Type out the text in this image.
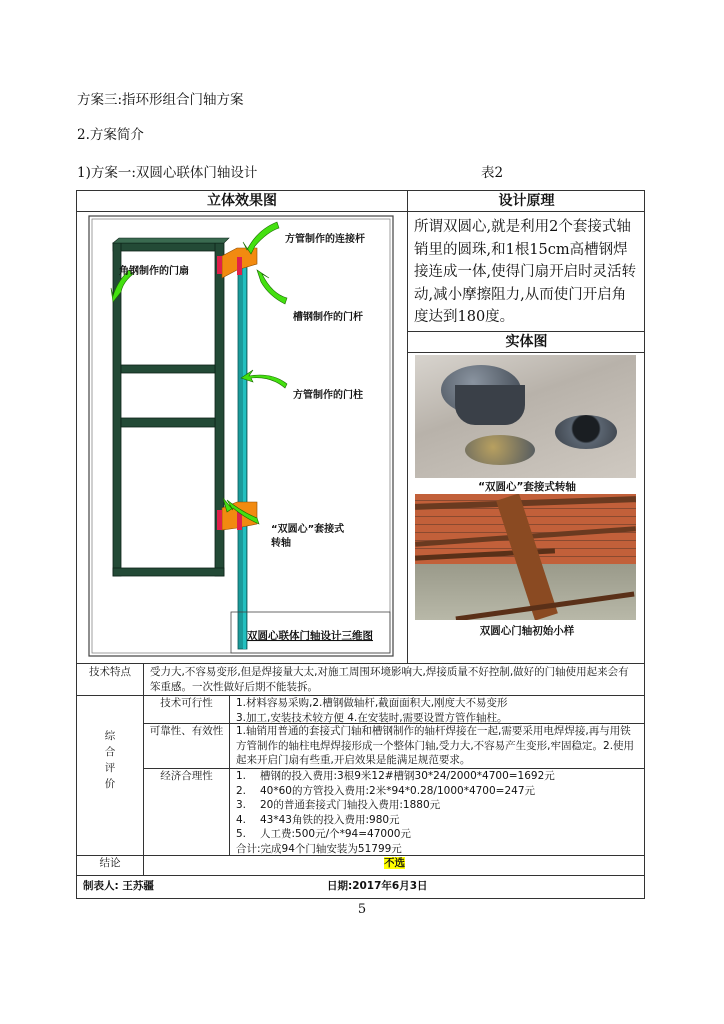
方案三:指环形组合门轴方案
2.方案简介
1)方案一:双圆心联体门轴设计	表2
立体效果图	设计原理
方管制作的连接杆
角钢制作的门扇
槽钢制作的门杆
方管制作的门柱
“双圆心”套接式
转轴
双圆心联体门轴设计三维图
所谓双圆心,就是利用2个套接式轴销里的圆珠,和1根15cm高槽钢焊接连成一体,使得门扇开启时灵活转动,减小摩擦阻力,从而使门开启角度达到180度。
实体图
“双圆心”套接式转轴
双圆心门轴初始小样
技术特点	受力大,不容易变形,但是焊接量大太,对施工周围环境影响大,焊接质量不好控制,做好的门轴使用起来会有笨重感。一次性做好后期不能装拆。
综
合
评
价
技术可行性	1.材料容易采购,2.槽钢做轴杆,截面面积大,刚度大不易变形
3.加工,安装技术较方便 4.在安装时,需要设置方管作轴柱。
可靠性、有效性	1.轴销用普通的套接式门轴和槽钢制作的轴杆焊接在一起,需要采用电焊焊接,再与用铁方管制作的轴柱电焊焊接形成一个整体门轴,受力大,不容易产生变形,牢固稳定。2.使用起来开启门扇有些重,开启效果是能满足规范要求。
经济合理性	1.	槽钢的投入费用:3根9米12#槽钢30*24/2000*4700=1692元
2.	40*60的方管投入费用:2米*94*0.28/1000*4700=247元
3.	20的普通套接式门轴投入费用:1880元
4.	43*43角铁的投入费用:980元
5.	人工费:500元/个*94=47000元
合计:完成94个门轴安装为51799元
结论	不选
制表人: 王苏疆	日期:2017年6月3日
5
